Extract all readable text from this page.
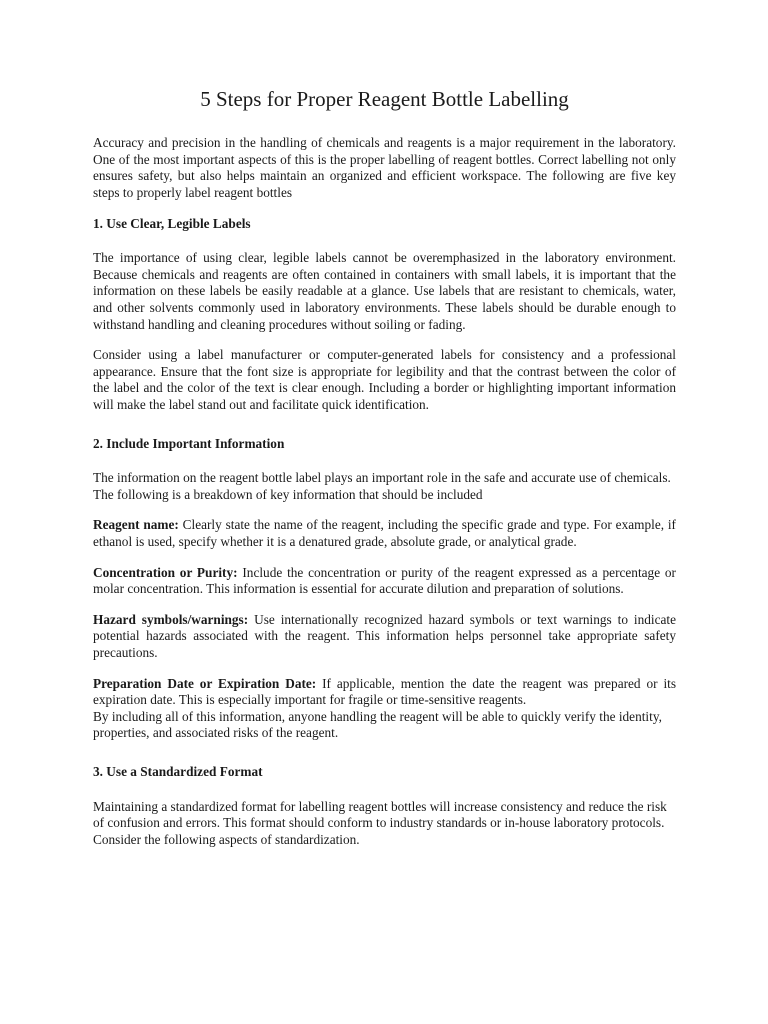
5 Steps for Proper Reagent Bottle Labelling

Accuracy and precision in the handling of chemicals and reagents is a major requirement in the laboratory. One of the most important aspects of this is the proper labelling of reagent bottles. Correct labelling not only ensures safety, but also helps maintain an organized and efficient workspace. The following are five key steps to properly label reagent bottles

1. Use Clear, Legible Labels

The importance of using clear, legible labels cannot be overemphasized in the laboratory environment. Because chemicals and reagents are often contained in containers with small labels, it is important that the information on these labels be easily readable at a glance. Use labels that are resistant to chemicals, water, and other solvents commonly used in laboratory environments. These labels should be durable enough to withstand handling and cleaning procedures without soiling or fading.

Consider using a label manufacturer or computer-generated labels for consistency and a professional appearance. Ensure that the font size is appropriate for legibility and that the contrast between the color of the label and the color of the text is clear enough. Including a border or highlighting important information will make the label stand out and facilitate quick identification.

2. Include Important Information

The information on the reagent bottle label plays an important role in the safe and accurate use of chemicals. The following is a breakdown of key information that should be included

Reagent name: Clearly state the name of the reagent, including the specific grade and type. For example, if ethanol is used, specify whether it is a denatured grade, absolute grade, or analytical grade.

Concentration or Purity: Include the concentration or purity of the reagent expressed as a percentage or molar concentration. This information is essential for accurate dilution and preparation of solutions.

Hazard symbols/warnings: Use internationally recognized hazard symbols or text warnings to indicate potential hazards associated with the reagent. This information helps personnel take appropriate safety precautions.

Preparation Date or Expiration Date: If applicable, mention the date the reagent was prepared or its expiration date. This is especially important for fragile or time-sensitive reagents.

By including all of this information, anyone handling the reagent will be able to quickly verify the identity, properties, and associated risks of the reagent.

3. Use a Standardized Format

Maintaining a standardized format for labelling reagent bottles will increase consistency and reduce the risk of confusion and errors. This format should conform to industry standards or in-house laboratory protocols. Consider the following aspects of standardization.
